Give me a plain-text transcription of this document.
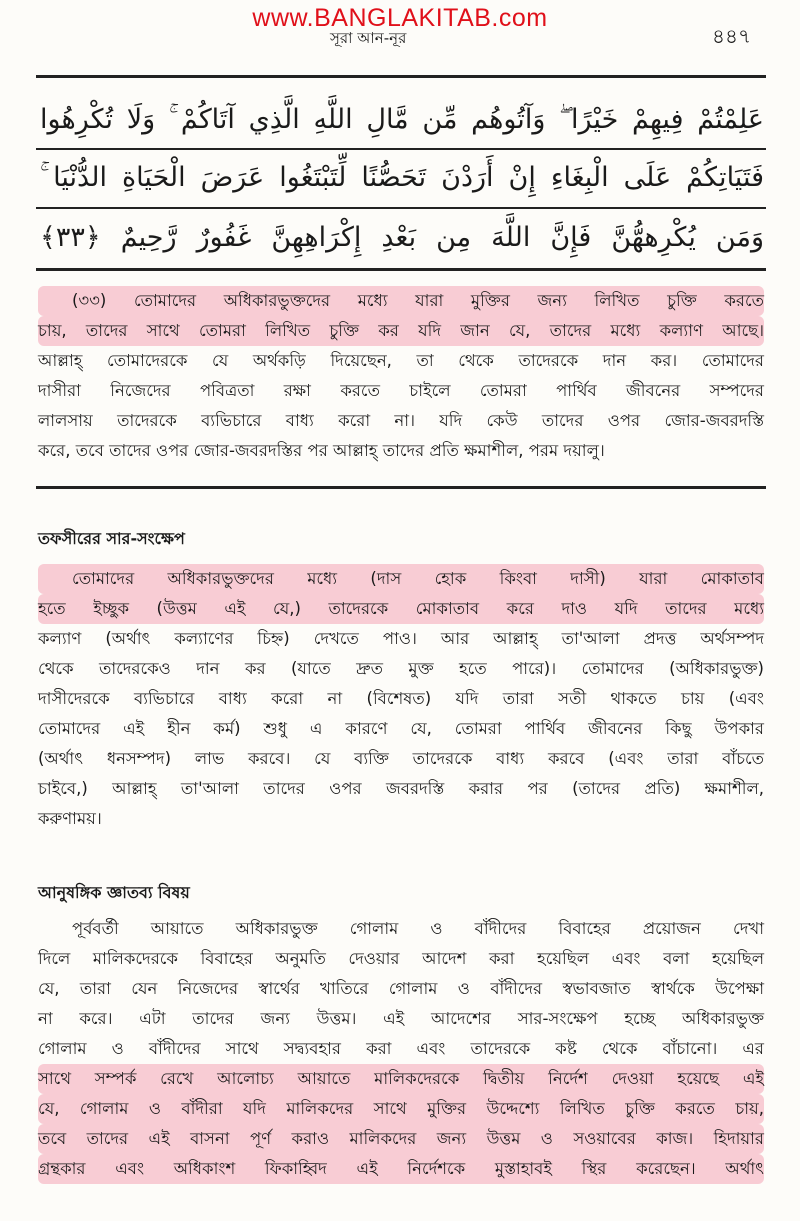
www.BANGLAKITAB.com
সূরা আন-নূর	৪৪৭
عَلِمْتُمْ فِيهِمْ خَيْرًا ۖ وَآتُوهُم مِّن مَّالِ اللَّهِ الَّذِي آتَاكُمْ ۚ وَلَا تُكْرِهُوا
فَتَيَاتِكُمْ عَلَى الْبِغَاءِ إِنْ أَرَدْنَ تَحَصُّنًا لِّتَبْتَغُوا عَرَضَ الْحَيَاةِ الدُّنْيَا ۚ
وَمَن يُكْرِههُّنَّ فَإِنَّ اللَّهَ مِن بَعْدِ إِكْرَاهِهِنَّ غَفُورٌ رَّحِيمٌ ﴿٣٣﴾
(৩৩) তোমাদের অধিকারভুক্তদের মধ্যে যারা মুক্তির জন্য লিখিত চুক্তি করতে
চায়, তাদের সাথে তোমরা লিখিত চুক্তি কর যদি জান যে, তাদের মধ্যে কল্যাণ আছে।
আল্লাহ্ তোমাদেরকে যে অর্থকড়ি দিয়েছেন, তা থেকে তাদেরকে দান কর। তোমাদের
দাসীরা নিজেদের পবিত্রতা রক্ষা করতে চাইলে তোমরা পার্থিব জীবনের সম্পদের
লালসায় তাদেরকে ব্যভিচারে বাধ্য করো না। যদি কেউ তাদের ওপর জোর-জবরদস্তি
করে, তবে তাদের ওপর জোর-জবরদস্তির পর আল্লাহ্ তাদের প্রতি ক্ষমাশীল, পরম দয়ালু।
তফসীরের সার-সংক্ষেপ
তোমাদের অধিকারভুক্তদের মধ্যে (দাস হোক কিংবা দাসী) যারা মোকাতাব
হতে ইচ্ছুক (উত্তম এই যে,) তাদেরকে মোকাতাব করে দাও যদি তাদের মধ্যে
কল্যাণ (অর্থাৎ কল্যাণের চিহ্ন) দেখতে পাও। আর আল্লাহ্ তা'আলা প্রদত্ত অর্থসম্পদ
থেকে তাদেরকেও দান কর (যাতে দ্রুত মুক্ত হতে পারে)। তোমাদের (অধিকারভুক্ত)
দাসীদেরকে ব্যভিচারে বাধ্য করো না (বিশেষত) যদি তারা সতী থাকতে চায় (এবং
তোমাদের এই হীন কর্ম) শুধু এ কারণে যে, তোমরা পার্থিব জীবনের কিছু উপকার
(অর্থাৎ ধনসম্পদ) লাভ করবে। যে ব্যক্তি তাদেরকে বাধ্য করবে (এবং তারা বাঁচতে
চাইবে,) আল্লাহ্ তা'আলা তাদের ওপর জবরদস্তি করার পর (তাদের প্রতি) ক্ষমাশীল,
করুণাময়।
আনুষঙ্গিক জ্ঞাতব্য বিষয়
পূর্ববর্তী আয়াতে অধিকারভুক্ত গোলাম ও বাঁদীদের বিবাহের প্রয়োজন দেখা
দিলে মালিকদেরকে বিবাহের অনুমতি দেওয়ার আদেশ করা হয়েছিল এবং বলা হয়েছিল
যে, তারা যেন নিজেদের স্বার্থের খাতিরে গোলাম ও বাঁদীদের স্বভাবজাত স্বার্থকে উপেক্ষা
না করে। এটা তাদের জন্য উত্তম। এই আদেশের সার-সংক্ষেপ হচ্ছে অধিকারভুক্ত
গোলাম ও বাঁদীদের সাথে সদ্ব্যবহার করা এবং তাদেরকে কষ্ট থেকে বাঁচানো। এর
সাথে সম্পর্ক রেখে আলোচ্য আয়াতে মালিকদেরকে দ্বিতীয় নির্দেশ দেওয়া হয়েছে এই
যে, গোলাম ও বাঁদীরা যদি মালিকদের সাথে মুক্তির উদ্দেশ্যে লিখিত চুক্তি করতে চায়,
তবে তাদের এই বাসনা পূর্ণ করাও মালিকদের জন্য উত্তম ও সওয়াবের কাজ। হিদায়ার
গ্রন্থকার এবং অধিকাংশ ফিকাহ্বিদ এই নির্দেশকে মুস্তাহাবই স্থির করেছেন। অর্থাৎ
